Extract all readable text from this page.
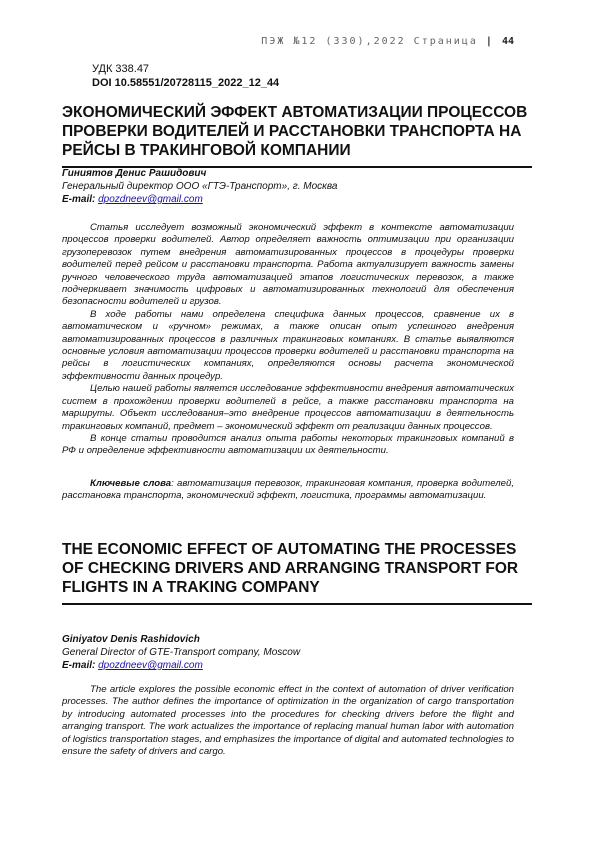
ПЭЖ №12 (330),2022 Страница | 44
УДК 338.47
DOI 10.58551/20728115_2022_12_44
ЭКОНОМИЧЕСКИЙ ЭФФЕКТ АВТОМАТИЗАЦИИ ПРОЦЕССОВ ПРОВЕРКИ ВОДИТЕЛЕЙ И РАССТАНОВКИ ТРАНСПОРТА НА РЕЙСЫ В ТРАКИНГОВОЙ КОМПАНИИ
Гиниятов Денис Рашидович
Генеральный директор ООО «ГТЭ-Транспорт», г. Москва
E-mail: dpozdneev@gmail.com

Статья исследует возможный экономический эффект в контексте автоматизации процессов проверки водителей. Автор определяет важность оптимизации при организации грузоперевозок путем внедрения автоматизированных процессов в процедуры проверки водителей перед рейсом и расстановки транспорта. Работа актуализирует важность замены ручного человеческого труда автоматизацией этапов логистических перевозок, а также подчеркивает значимость цифровых и автоматизированных технологий для обеспечения безопасности водителей и грузов.

В ходе работы нами определена специфика данных процессов, сравнение их в автоматическом и «ручном» режимах, а также описан опыт успешного внедрения автоматизированных процессов в различных тракинговых компаниях. В статье выявляются основные условия автоматизации процессов проверки водителей и расстановки транспорта на рейсы в логистических компаниях, определяются основы расчета экономической эффективности данных процедур.

Целью нашей работы является исследование эффективности внедрения автоматических систем в прохождении проверки водителей в рейсе, а также расстановки транспорта на маршруты. Объект исследования–это внедрение процессов автоматизации в деятельность тракинговых компаний, предмет – экономический эффект от реализации данных процессов.

В конце статьи проводится анализ опыта работы некоторых тракинговых компаний в РФ и определение эффективности автоматизации их деятельности.

Ключевые слова: автоматизация перевозок, тракинговая компания, проверка водителей, расстановка транспорта, экономический эффект, логистика, программы автоматизации.
THE ECONOMIC EFFECT OF AUTOMATING THE PROCESSES OF CHECKING DRIVERS AND ARRANGING TRANSPORT FOR FLIGHTS IN A TRAKING COMPANY
Giniyatov Denis Rashidovich
General Director of GTE-Transport company, Moscow
E-mail: dpozdneev@gmail.com

The article explores the possible economic effect in the context of automation of driver verification processes. The author defines the importance of optimization in the organization of cargo transportation by introducing automated processes into the procedures for checking drivers before the flight and arranging transport. The work actualizes the importance of replacing manual human labor with automation of logistics transportation stages, and emphasizes the importance of digital and automated technologies to ensure the safety of drivers and cargo.
